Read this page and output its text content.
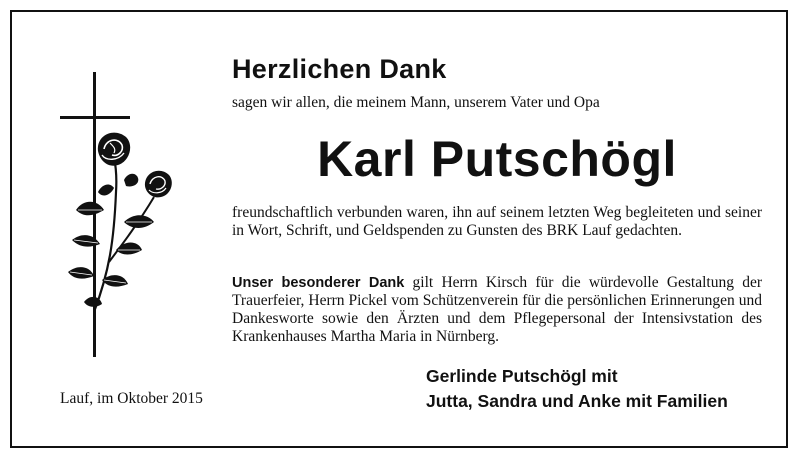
Herzlichen Dank
sagen wir allen, die meinem Mann, unserem Vater und Opa
Karl Putschögl

freundschaftlich verbunden waren, ihn auf seinem letzten Weg begleiteten und seiner in Wort, Schrift, und Geldspenden zu Gunsten des BRK Lauf gedachten.

Unser besonderer Dank gilt Herrn Kirsch für die würdevolle Gestaltung der Trauerfeier, Herrn Pickel vom Schützenverein für die persönlichen Erinnerungen und Dankesworte sowie den Ärzten und dem Pflegepersonal der Intensivstation des Krankenhauses Martha Maria in Nürnberg.

Lauf, im Oktober 2015
Gerlinde Putschögl mit
Jutta, Sandra und Anke mit Familien
